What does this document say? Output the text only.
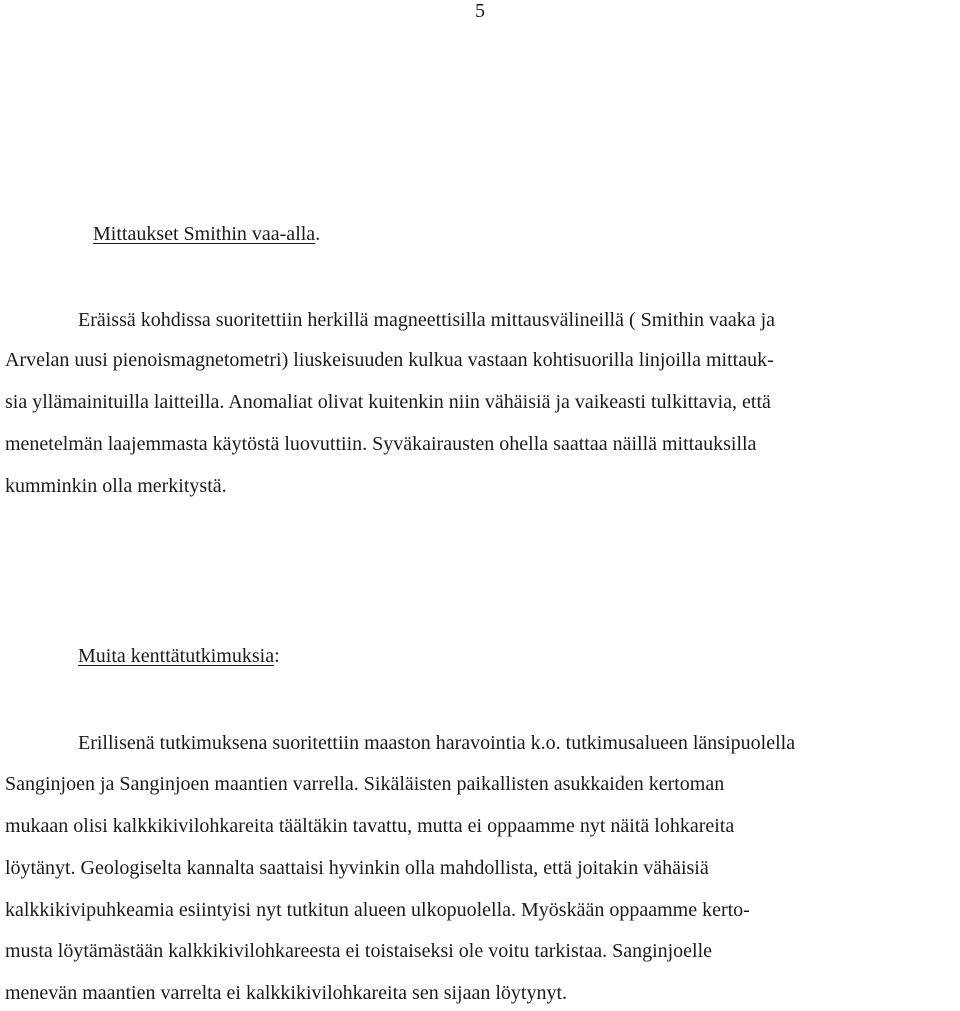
5
Mittaukset Smithin vaa-alla.
Eräissä kohdissa suoritettiin herkillä magneettisilla mittausvälineillä ( Smithin vaaka ja
Arvelan uusi pienoismagnetometri) liuskeisuuden kulkua vastaan kohtisuorilla linjoilla mittauk-
sia yllämainituilla laitteilla. Anomaliat olivat kuitenkin niin vähäisiä ja vaikeasti tulkittavia, että
menetelmän laajemmasta käytöstä luovuttiin. Syväkairausten ohella saattaa näillä mittauksilla
kumminkin olla merkitystä.
Muita kenttätutkimuksia:
Erillisenä tutkimuksena suoritettiin maaston haravointia k.o. tutkimusalueen länsipuolella
Sanginjoen ja Sanginjoen maantien varrella. Sikäläisten paikallisten asukkaiden kertoman
mukaan olisi kalkkikivilohkareita täältäkin tavattu, mutta ei oppaamme nyt näitä lohkareita
löytänyt. Geologiselta kannalta saattaisi hyvinkin olla mahdollista, että joitakin vähäisiä
kalkkikivipuhkeamia esiintyisi nyt tutkitun alueen ulkopuolella. Myöskään oppaamme kerto-
musta löytämästään kalkkikivilohkareesta ei toistaiseksi ole voitu tarkistaa. Sanginjoelle
menevän maantien varrelta ei kalkkikivilohkareita sen sijaan löytynyt.
